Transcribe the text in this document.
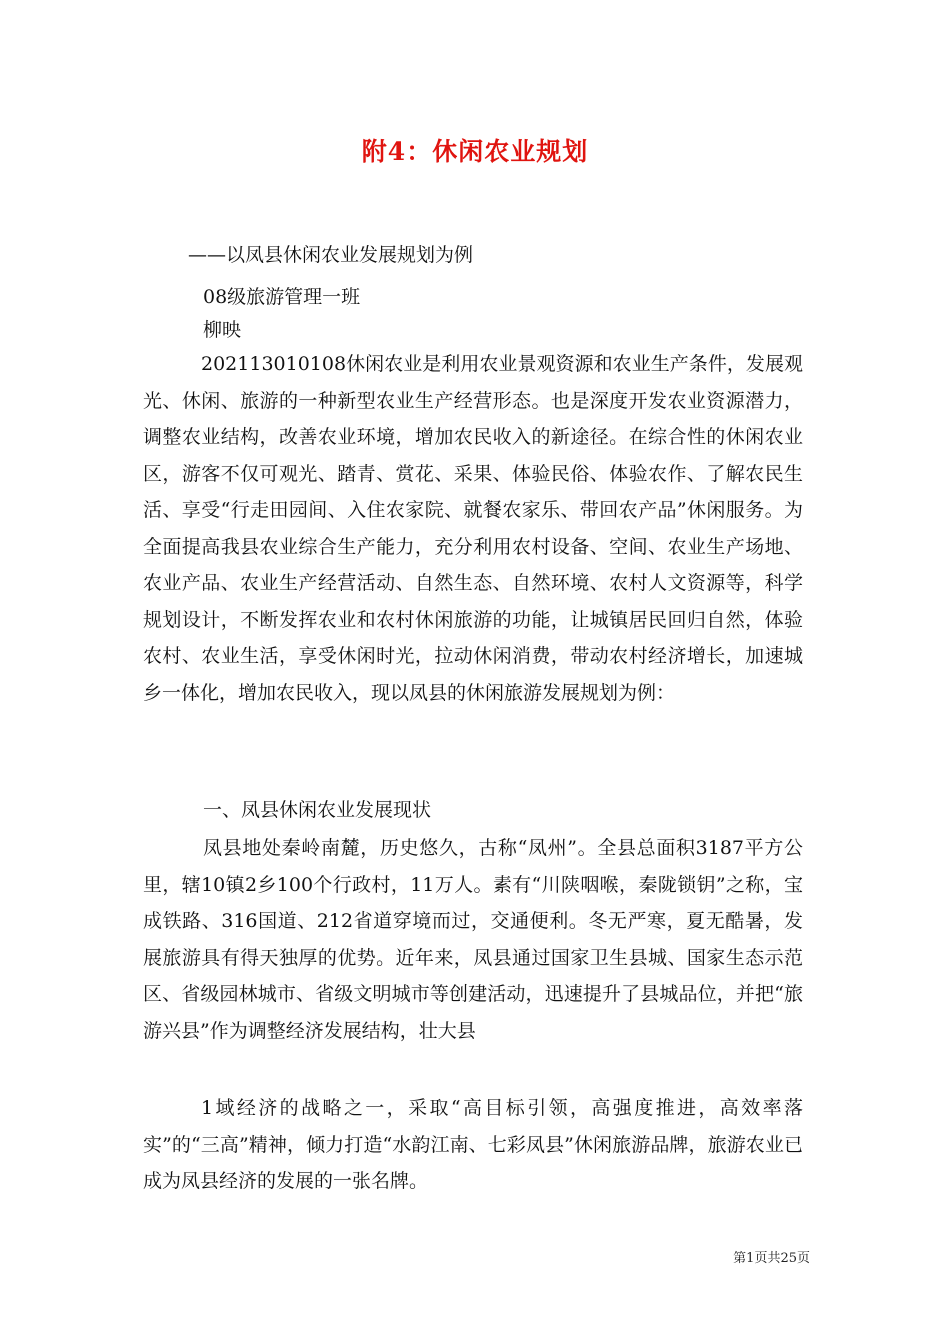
附4：休闲农业规划
——以凤县休闲农业发展规划为例
08级旅游管理一班
柳映

202113010108休闲农业是利用农业景观资源和农业生产条件，发展观光、休闲、旅游的一种新型农业生产经营形态。也是深度开发农业资源潜力，调整农业结构，改善农业环境，增加农民收入的新途径。在综合性的休闲农业区，游客不仅可观光、踏青、赏花、采果、体验民俗、体验农作、了解农民生活、享受“行走田园间、入住农家院、就餐农家乐、带回农产品”休闲服务。为全面提高我县农业综合生产能力，充分利用农村设备、空间、农业生产场地、农业产品、农业生产经营活动、自然生态、自然环境、农村人文资源等，科学规划设计，不断发挥农业和农村休闲旅游的功能，让城镇居民回归自然，体验农村、农业生活，享受休闲时光，拉动休闲消费，带动农村经济增长，加速城乡一体化，增加农民收入，现以凤县的休闲旅游发展规划为例：

一、凤县休闲农业发展现状

凤县地处秦岭南麓，历史悠久，古称“凤州”。全县总面积3187平方公里，辖10镇2乡100个行政村，11万人。素有“川陕咽喉，秦陇锁钥”之称，宝成铁路、316国道、212省道穿境而过，交通便利。冬无严寒，夏无酷暑，发展旅游具有得天独厚的优势。近年来，凤县通过国家卫生县城、国家生态示范区、省级园林城市、省级文明城市等创建活动，迅速提升了县城品位，并把“旅游兴县”作为调整经济发展结构，壮大县

1域经济的战略之一，采取“高目标引领，高强度推进，高效率落实”的“三高”精神，倾力打造“水韵江南、七彩凤县”休闲旅游品牌，旅游农业已成为凤县经济的发展的一张名牌。

第1页共25页
